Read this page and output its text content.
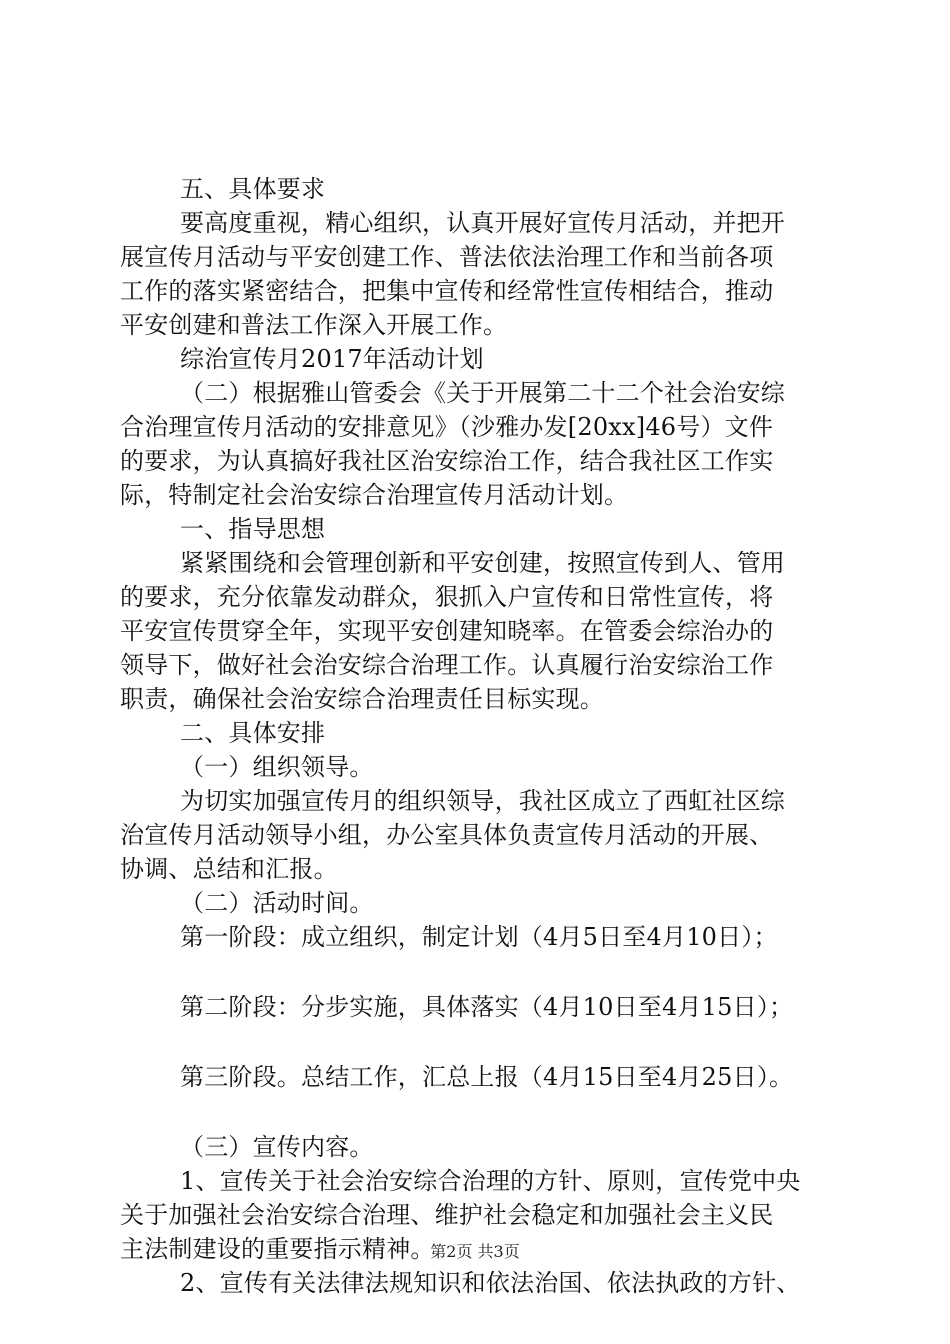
五、具体要求
要高度重视，精心组织，认真开展好宣传月活动，并把开
展宣传月活动与平安创建工作、普法依法治理工作和当前各项
工作的落实紧密结合，把集中宣传和经常性宣传相结合，推动
平安创建和普法工作深入开展工作。
综治宣传月2017年活动计划
（二）根据雅山管委会《关于开展第二十二个社会治安综
合治理宣传月活动的安排意见》（沙雅办发[20xx]46号）文件
的要求，为认真搞好我社区治安综治工作，结合我社区工作实
际，特制定社会治安综合治理宣传月活动计划。
一、指导思想
紧紧围绕和会管理创新和平安创建，按照宣传到人、管用
的要求，充分依靠发动群众，狠抓入户宣传和日常性宣传，将
平安宣传贯穿全年，实现平安创建知晓率。在管委会综治办的
领导下，做好社会治安综合治理工作。认真履行治安综治工作
职责，确保社会治安综合治理责任目标实现。
二、具体安排
（一）组织领导。
为切实加强宣传月的组织领导，我社区成立了西虹社区综
治宣传月活动领导小组，办公室具体负责宣传月活动的开展、
协调、总结和汇报。
（二）活动时间。
第一阶段：成立组织，制定计划（4月5日至4月10日）；
第二阶段：分步实施，具体落实（4月10日至4月15日）；
第三阶段。总结工作，汇总上报（4月15日至4月25日）。
（三）宣传内容。
1、宣传关于社会治安综合治理的方针、原则，宣传党中央
关于加强社会治安综合治理、维护社会稳定和加强社会主义民
主法制建设的重要指示精神。
2、宣传有关法律法规知识和依法治国、依法执政的方针、
第2页 共3页
